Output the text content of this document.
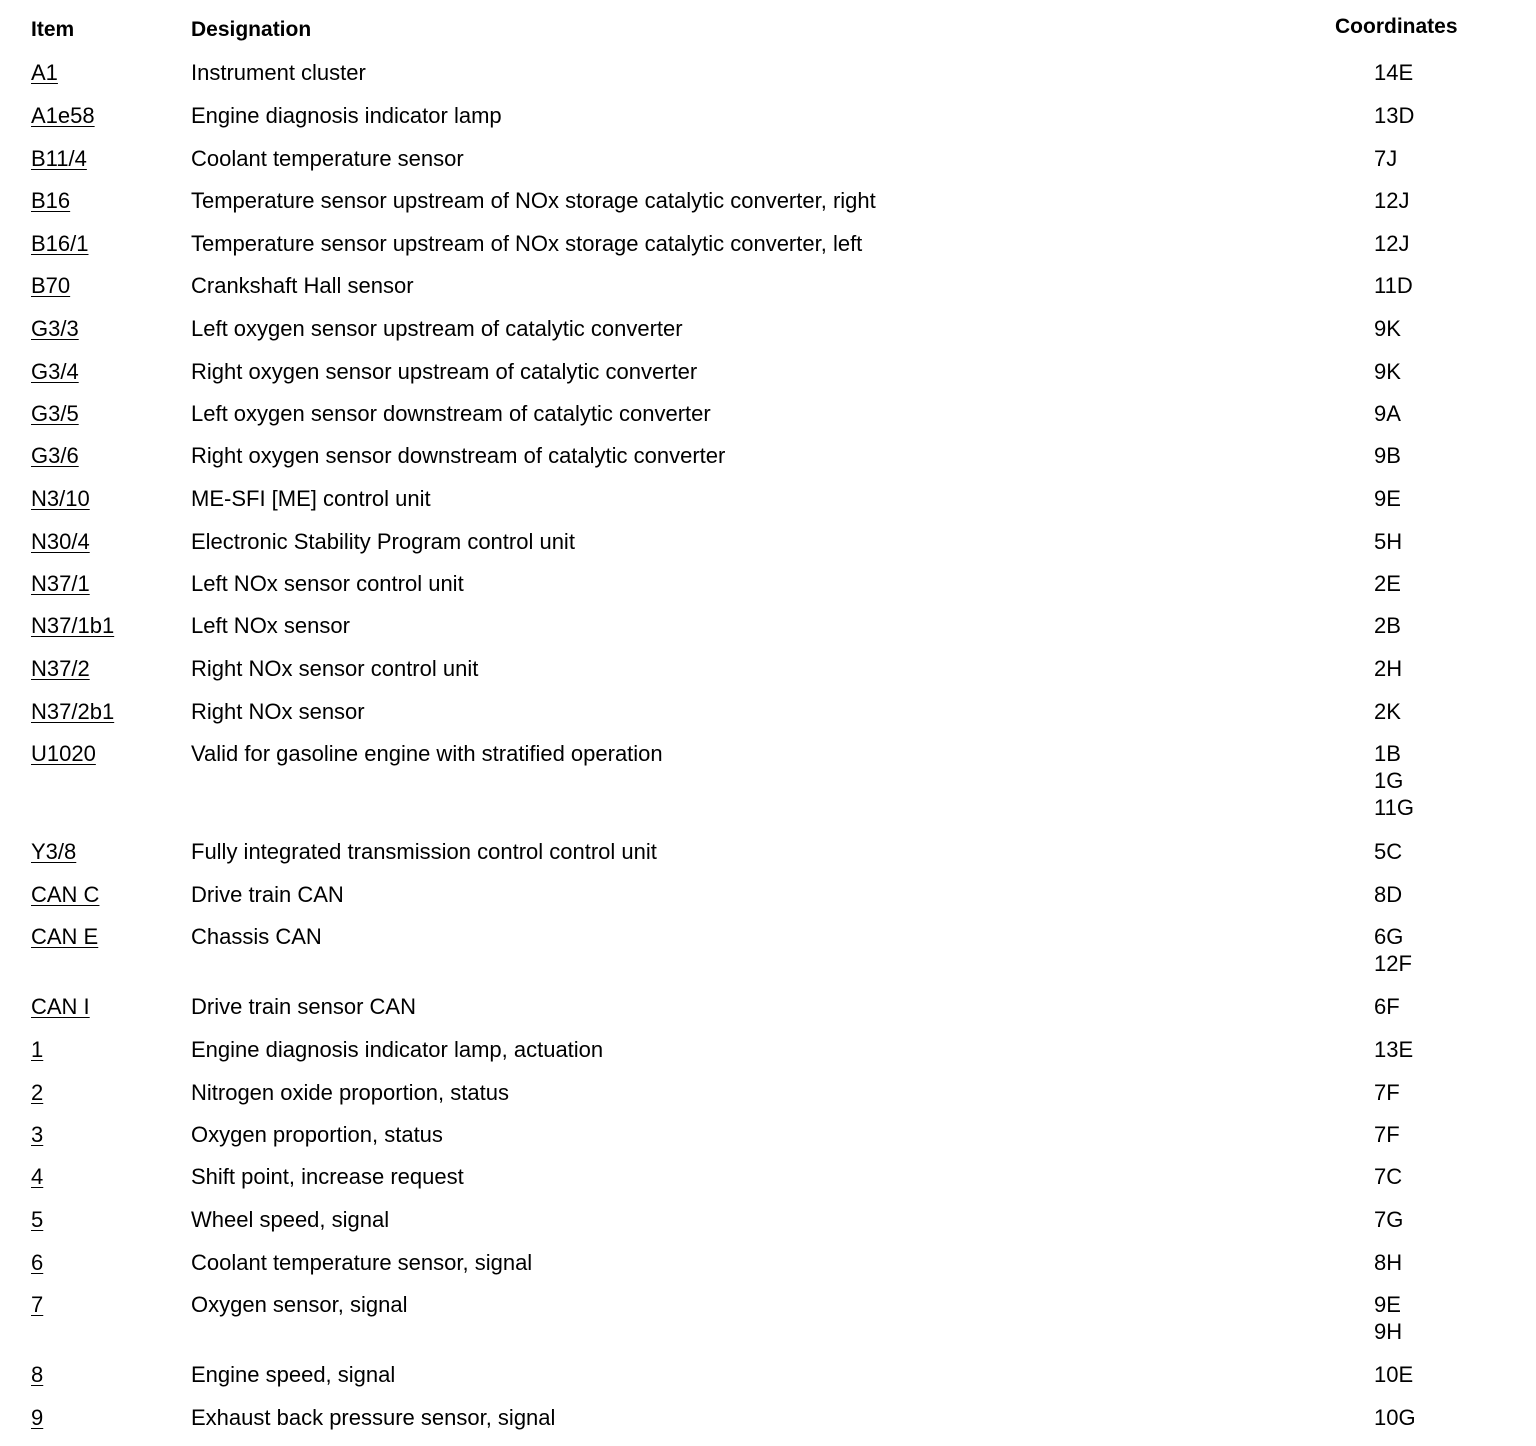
Item	Designation	Coordinates
A1	Instrument cluster	14E
A1e58	Engine diagnosis indicator lamp	13D
B11/4	Coolant temperature sensor	7J
B16	Temperature sensor upstream of NOx storage catalytic converter, right	12J
B16/1	Temperature sensor upstream of NOx storage catalytic converter, left	12J
B70	Crankshaft Hall sensor	11D
G3/3	Left oxygen sensor upstream of catalytic converter	9K
G3/4	Right oxygen sensor upstream of catalytic converter	9K
G3/5	Left oxygen sensor downstream of catalytic converter	9A
G3/6	Right oxygen sensor downstream of catalytic converter	9B
N3/10	ME-SFI [ME] control unit	9E
N30/4	Electronic Stability Program control unit	5H
N37/1	Left NOx sensor control unit	2E
N37/1b1	Left NOx sensor	2B
N37/2	Right NOx sensor control unit	2H
N37/2b1	Right NOx sensor	2K
U1020	Valid for gasoline engine with stratified operation	1B
1G
11G
Y3/8	Fully integrated transmission control control unit	5C
CAN C	Drive train CAN	8D
CAN E	Chassis CAN	6G
12F
CAN I	Drive train sensor CAN	6F
1	Engine diagnosis indicator lamp, actuation	13E
2	Nitrogen oxide proportion, status	7F
3	Oxygen proportion, status	7F
4	Shift point, increase request	7C
5	Wheel speed, signal	7G
6	Coolant temperature sensor, signal	8H
7	Oxygen sensor, signal	9E
9H
8	Engine speed, signal	10E
9	Exhaust back pressure sensor, signal	10G
